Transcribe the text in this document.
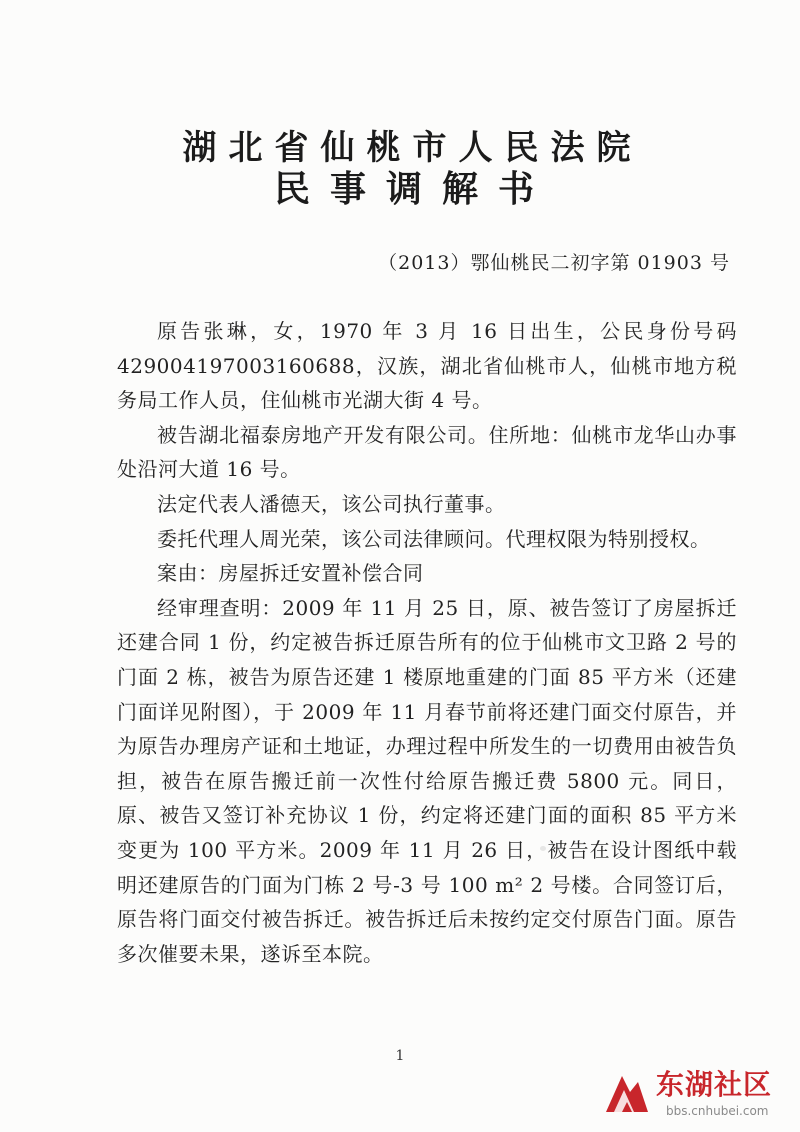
湖北省仙桃市人民法院
民事调解书
（2013）鄂仙桃民二初字第 01903 号

原告张琳，女，1970 年 3 月 16 日出生，公民身份号码 429004197003160688，汉族，湖北省仙桃市人，仙桃市地方税务局工作人员，住仙桃市光湖大街 4 号。

被告湖北福泰房地产开发有限公司。住所地：仙桃市龙华山办事处沿河大道 16 号。

法定代表人潘德天，该公司执行董事。

委托代理人周光荣，该公司法律顾问。代理权限为特别授权。

案由：房屋拆迁安置补偿合同

经审理查明：2009 年 11 月 25 日，原、被告签订了房屋拆迁还建合同 1 份，约定被告拆迁原告所有的位于仙桃市文卫路 2 号的门面 2 栋，被告为原告还建 1 楼原地重建的门面 85 平方米（还建门面详见附图），于 2009 年 11 月春节前将还建门面交付原告，并为原告办理房产证和土地证，办理过程中所发生的一切费用由被告负担，被告在原告搬迁前一次性付给原告搬迁费 5800 元。同日，原、被告又签订补充协议 1 份，约定将还建门面的面积 85 平方米变更为 100 平方米。2009 年 11 月 26 日，被告在设计图纸中载明还建原告的门面为门栋 2 号-3 号 100 m² 2 号楼。合同签订后，原告将门面交付被告拆迁。被告拆迁后未按约定交付原告门面。原告多次催要未果，遂诉至本院。

1
东湖社区
bbs.cnhubei.com
